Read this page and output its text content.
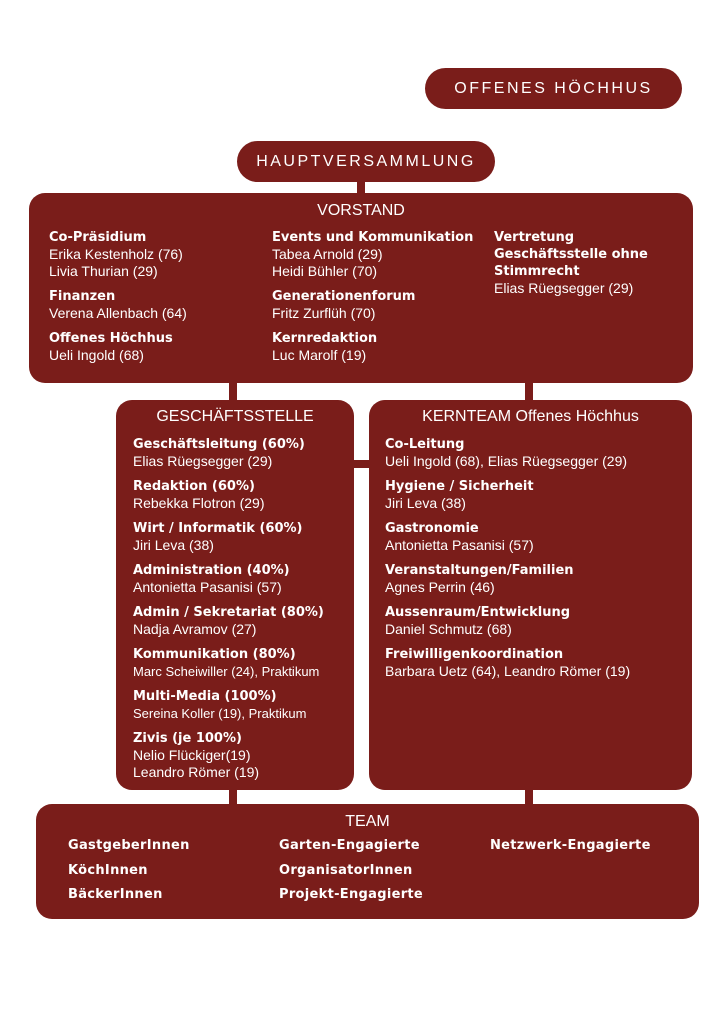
OFFENES HÖCHHUS
HAUPTVERSAMMLUNG
VORSTAND
Co-Präsidium
Erika Kestenholz (76)
Livia Thurian (29)
Finanzen
Verena Allenbach (64)
Offenes Höchhus
Ueli Ingold (68)
Events und Kommunikation
Tabea Arnold (29)
Heidi Bühler (70)
Generationenforum
Fritz Zurflüh (70)
Kernredaktion
Luc Marolf (19)
Vertretung Geschäftsstelle ohne Stimmrecht
Elias Rüegsegger (29)
GESCHÄFTSSTELLE
Geschäftsleitung (60%)
Elias Rüegsegger (29)
Redaktion (60%)
Rebekka Flotron (29)
Wirt / Informatik (60%)
Jiri Leva (38)
Administration (40%)
Antonietta Pasanisi (57)
Admin / Sekretariat (80%)
Nadja Avramov (27)
Kommunikation (80%)
Marc Scheiwiller (24), Praktikum
Multi-Media (100%)
Sereina Koller (19), Praktikum
Zivis (je 100%)
Nelio Flückiger(19)
Leandro Römer (19)
KERNTEAM Offenes Höchhus
Co-Leitung
Ueli Ingold (68), Elias Rüegsegger (29)
Hygiene / Sicherheit
Jiri Leva (38)
Gastronomie
Antonietta Pasanisi (57)
Veranstaltungen/Familien
Agnes Perrin (46)
Aussenraum/Entwicklung
Daniel Schmutz (68)
Freiwilligenkoordination
Barbara Uetz (64), Leandro Römer (19)
TEAM
GastgeberInnen
KöchInnen
BäckerInnen
Garten-Engagierte
OrganisatorInnen
Projekt-Engagierte
Netzwerk-Engagierte
